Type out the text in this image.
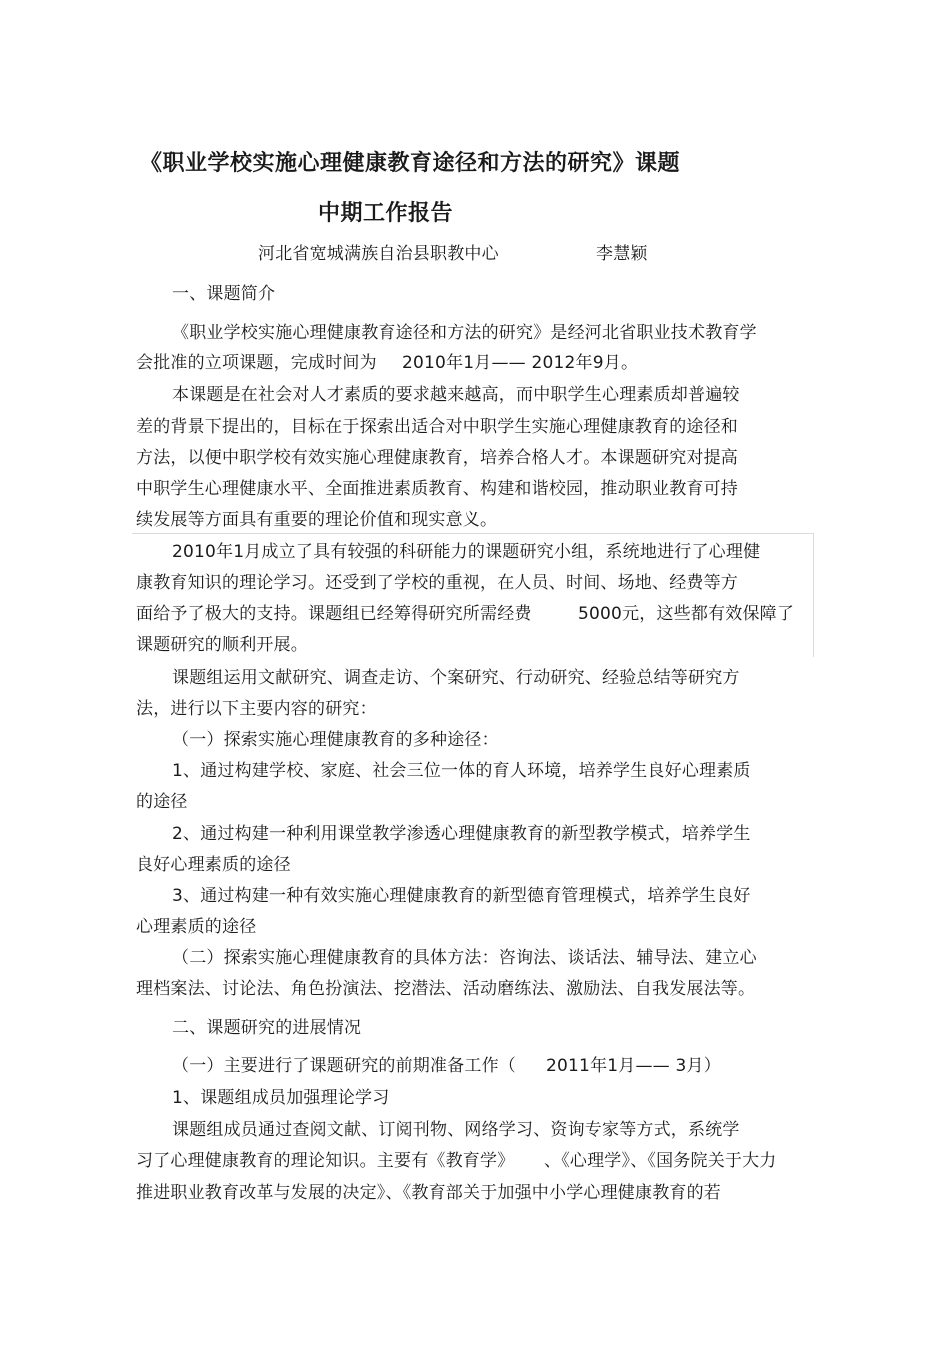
《职业学校实施心理健康教育途径和方法的研究》课题
中期工作报告

河北省宽城满族自治县职教中心	李慧颖

一、课题简介

《职业学校实施心理健康教育途径和方法的研究》是经河北省职业技术教育学

会批准的立项课题，完成时间为 2010年1月—— 2012年9月。

本课题是在社会对人才素质的要求越来越高，而中职学生心理素质却普遍较

差的背景下提出的，目标在于探索出适合对中职学生实施心理健康教育的途径和

方法，以便中职学校有效实施心理健康教育，培养合格人才。本课题研究对提高

中职学生心理健康水平、全面推进素质教育、构建和谐校园，推动职业教育可持

续发展等方面具有重要的理论价值和现实意义。

2010年1月成立了具有较强的科研能力的课题研究小组，系统地进行了心理健

康教育知识的理论学习。还受到了学校的重视，在人员、时间、场地、经费等方

面给予了极大的支持。课题组已经筹得研究所需经费	5000元，这些都有效保障了

课题研究的顺利开展。

课题组运用文献研究、调查走访、个案研究、行动研究、经验总结等研究方

法，进行以下主要内容的研究：

（一）探索实施心理健康教育的多种途径：

1、通过构建学校、家庭、社会三位一体的育人环境，培养学生良好心理素质

的途径

2、通过构建一种利用课堂教学渗透心理健康教育的新型教学模式，培养学生

良好心理素质的途径

3、通过构建一种有效实施心理健康教育的新型德育管理模式，培养学生良好

心理素质的途径

（二）探索实施心理健康教育的具体方法：咨询法、谈话法、辅导法、建立心

理档案法、讨论法、角色扮演法、挖潜法、活动磨练法、激励法、自我发展法等。

二、课题研究的进展情况

（一）主要进行了课题研究的前期准备工作（ 2011年1月—— 3月）

1、课题组成员加强理论学习

课题组成员通过查阅文献、订阅刊物、网络学习、资询专家等方式，系统学

习了心理健康教育的理论知识。主要有《教育学》 、《心理学》、《国务院关于大力

推进职业教育改革与发展的决定》、《教育部关于加强中小学心理健康教育的若
